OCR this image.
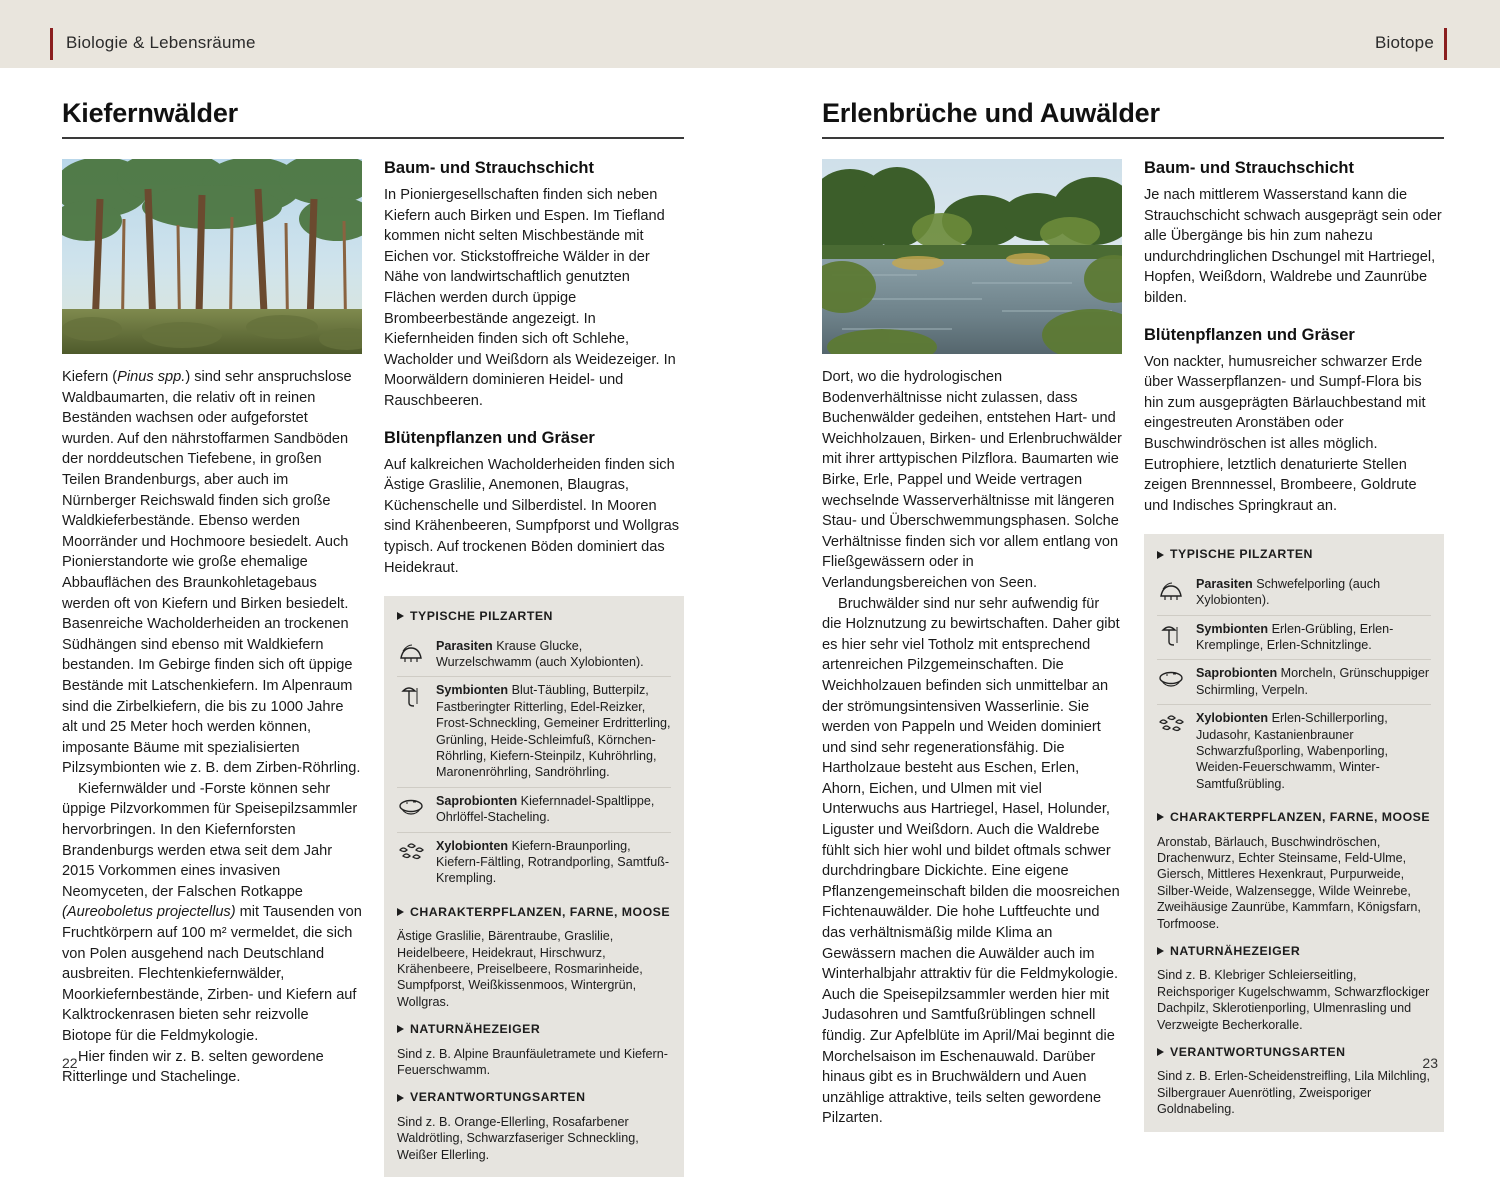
Biologie & Lebensräume	Biotope
Kiefernwälder

Kiefern (Pinus spp.) sind sehr anspruchslose Waldbaumarten, die relativ oft in reinen Beständen wachsen oder aufgeforstet wurden. Auf den nährstoffarmen Sandböden der norddeutschen Tiefebene, in großen Teilen Brandenburgs, aber auch im Nürnberger Reichswald finden sich große Waldkieferbestände. Ebenso werden Moorränder und Hochmoore besiedelt. Auch Pionierstandorte wie große ehemalige Abbauflächen des Braunkohletagebaus werden oft von Kiefern und Birken besiedelt. Basenreiche Wacholderheiden an trockenen Südhängen sind ebenso mit Waldkiefern bestanden. Im Gebirge finden sich oft üppige Bestände mit Latschenkiefern. Im Alpenraum sind die Zirbelkiefern, die bis zu 1000 Jahre alt und 25 Meter hoch werden können, imposante Bäume mit spezialisierten Pilzsymbionten wie z. B. dem Zirben-Röhrling.

Kiefernwälder und -Forste können sehr üppige Pilzvorkommen für Speisepilzsammler hervorbringen. In den Kiefernforsten Brandenburgs werden etwa seit dem Jahr 2015 Vorkommen eines invasiven Neomyceten, der Falschen Rotkappe (Aureoboletus projectellus) mit Tausenden von Fruchtkörpern auf 100 m² vermeldet, die sich von Polen ausgehend nach Deutschland ausbreiten. Flechtenkiefernwälder, Moorkiefernbestände, Zirben- und Kiefern auf Kalktrockenrasen bieten sehr reizvolle Biotope für die Feldmykologie.

Hier finden wir z. B. selten gewordene Ritterlinge und Stachelinge.

Baum- und Strauchschicht

In Pioniergesellschaften finden sich neben Kiefern auch Birken und Espen. Im Tiefland kommen nicht selten Mischbestände mit Eichen vor. Stickstoffreiche Wälder in der Nähe von landwirtschaftlich genutzten Flächen werden durch üppige Brombeerbestände angezeigt. In Kiefernheiden finden sich oft Schlehe, Wacholder und Weißdorn als Weidezeiger. In Moorwäldern dominieren Heidel- und Rauschbeeren.

Blütenpflanzen und Gräser

Auf kalkreichen Wacholderheiden finden sich Ästige Graslilie, Anemonen, Blaugras, Küchenschelle und Silberdistel. In Mooren sind Krähenbeeren, Sumpfporst und Wollgras typisch. Auf trockenen Böden dominiert das Heidekraut.

TYPISCHE PILZARTEN
Parasiten Krause Glucke, Wurzelschwamm (auch Xylobionten).
Symbionten Blut-Täubling, Butterpilz, Fastberingter Ritterling, Edel-Reizker, Frost-Schneckling, Gemeiner Erdritterling, Grünling, Heide-Schleimfuß, Körnchen-Röhrling, Kiefern-Steinpilz, Kuhröhrling, Maronenröhrling, Sandröhrling.
Saprobionten Kiefernnadel-Spaltlippe, Ohrlöffel-Stacheling.
Xylobionten Kiefern-Braunporling, Kiefern-Fältling, Rotrandporling, Samtfuß-Krempling.
CHARAKTERPFLANZEN, FARNE, MOOSE

Ästige Graslilie, Bärentraube, Graslilie, Heidelbeere, Heidekraut, Hirschwurz, Krähenbeere, Preiselbeere, Rosmarinheide, Sumpfporst, Weißkissenmoos, Wintergrün, Wollgras.

NATURNÄHEZEIGER

Sind z. B. Alpine Braunfäuletramete und Kiefern-Feuerschwamm.

VERANTWORTUNGSARTEN

Sind z. B. Orange-Ellerling, Rosafarbener Waldrötling, Schwarzfaseriger Schneckling, Weißer Ellerling.

22
Erlenbrüche und Auwälder

Dort, wo die hydrologischen Bodenverhältnisse nicht zulassen, dass Buchenwälder gedeihen, entstehen Hart- und Weichholzauen, Birken- und Erlenbruchwälder mit ihrer arttypischen Pilzflora. Baumarten wie Birke, Erle, Pappel und Weide vertragen wechselnde Wasserverhältnisse mit längeren Stau- und Überschwemmungsphasen. Solche Verhältnisse finden sich vor allem entlang von Fließgewässern oder in Verlandungsbereichen von Seen.

Bruchwälder sind nur sehr aufwendig für die Holznutzung zu bewirtschaften. Daher gibt es hier sehr viel Totholz mit entsprechend artenreichen Pilzgemeinschaften. Die Weichholzauen befinden sich unmittelbar an der strömungsintensiven Wasserlinie. Sie werden von Pappeln und Weiden dominiert und sind sehr regenerationsfähig. Die Hartholzaue besteht aus Eschen, Erlen, Ahorn, Eichen, und Ulmen mit viel Unterwuchs aus Hartriegel, Hasel, Holunder, Liguster und Weißdorn. Auch die Waldrebe fühlt sich hier wohl und bildet oftmals schwer durchdringbare Dickichte. Eine eigene Pflanzengemeinschaft bilden die moosreichen Fichtenauwälder. Die hohe Luftfeuchte und das verhältnismäßig milde Klima an Gewässern machen die Auwälder auch im Winterhalbjahr attraktiv für die Feldmykologie. Auch die Speisepilzsammler werden hier mit Judasohren und Samtfußrüblingen schnell fündig. Zur Apfelblüte im April/Mai beginnt die Morchelsaison im Eschenauwald. Darüber hinaus gibt es in Bruchwäldern und Auen unzählige attraktive, teils selten gewordene Pilzarten.

Baum- und Strauchschicht

Je nach mittlerem Wasserstand kann die Strauchschicht schwach ausgeprägt sein oder alle Übergänge bis hin zum nahezu undurchdringlichen Dschungel mit Hartriegel, Hopfen, Weißdorn, Waldrebe und Zaunrübe bilden.

Blütenpflanzen und Gräser

Von nackter, humusreicher schwarzer Erde über Wasserpflanzen- und Sumpf-Flora bis hin zum ausgeprägten Bärlauchbestand mit eingestreuten Aronstäben oder Buschwindröschen ist alles möglich. Eutrophiere, letztlich denaturierte Stellen zeigen Brennnessel, Brombeere, Goldrute und Indisches Springkraut an.

TYPISCHE PILZARTEN
Parasiten Schwefelporling (auch Xylobionten).
Symbionten Erlen-Grübling, Erlen-Kremplinge, Erlen-Schnitzlinge.
Saprobionten Morcheln, Grünschuppiger Schirmling, Verpeln.
Xylobionten Erlen-Schillerporling, Judasohr, Kastanienbrauner Schwarzfußporling, Wabenporling, Weiden-Feuerschwamm, Winter-Samtfußrübling.
CHARAKTERPFLANZEN, FARNE, MOOSE

Aronstab, Bärlauch, Buschwindröschen, Drachenwurz, Echter Steinsame, Feld-Ulme, Giersch, Mittleres Hexenkraut, Purpurweide, Silber-Weide, Walzensegge, Wilde Weinrebe, Zweihäusige Zaunrübe, Kammfarn, Königsfarn, Torfmoose.

NATURNÄHEZEIGER

Sind z. B. Klebriger Schleierseitling, Reichsporiger Kugelschwamm, Schwarzflockiger Dachpilz, Sklerotienporling, Ulmenrasling und Verzweigte Becherkoralle.

VERANTWORTUNGSARTEN

Sind z. B. Erlen-Scheidenstreifling, Lila Milchling, Silbergrauer Auenrötling, Zweisporiger Goldnabeling.

23
